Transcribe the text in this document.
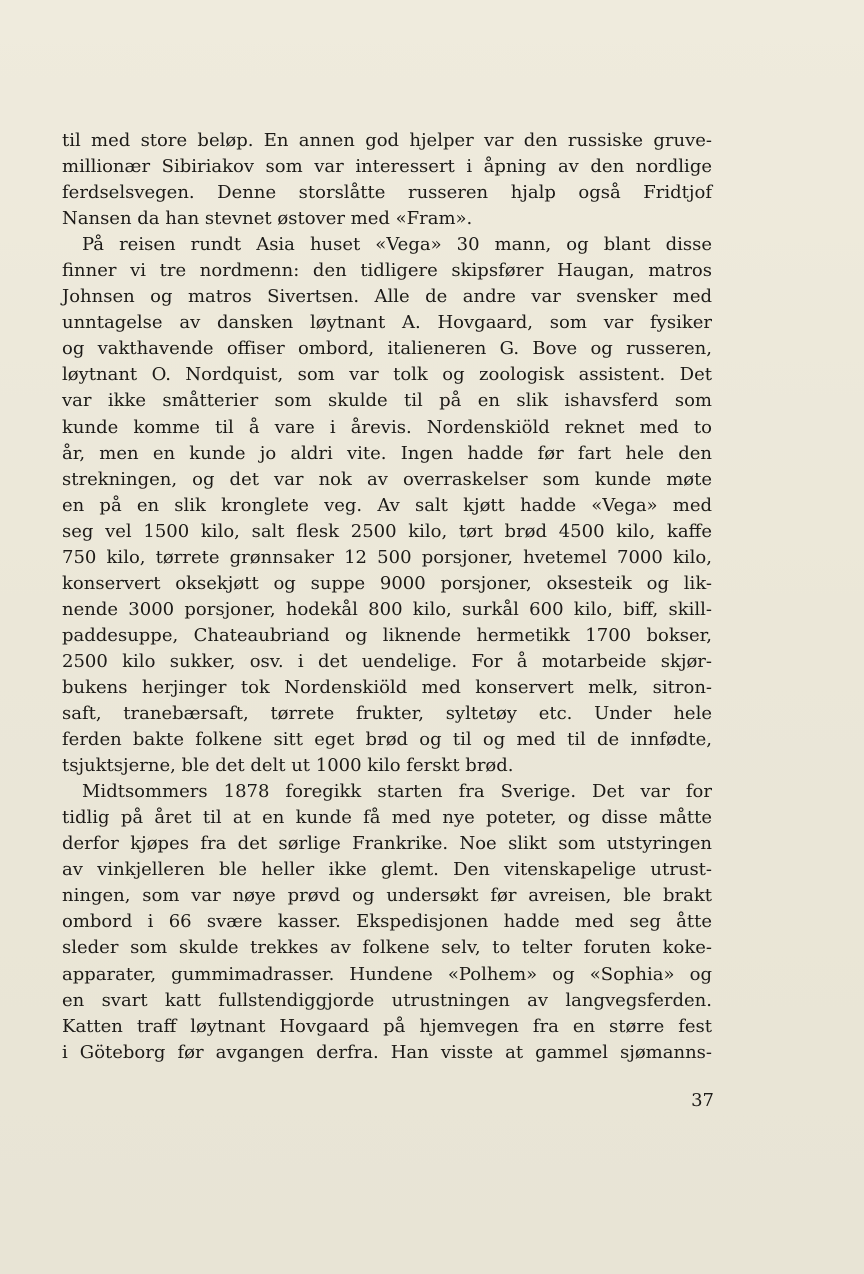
til med store beløp. En annen god hjelper var den russiske gruve-
millionær Sibiriakov som var interessert i åpning av den nordlige
ferdselsvegen. Denne storslåtte russeren hjalp også Fridtjof
Nansen da han stevnet østover med «Fram».
På reisen rundt Asia huset «Vega» 30 mann, og blant disse
finner vi tre nordmenn: den tidligere skipsfører Haugan, matros
Johnsen og matros Sivertsen. Alle de andre var svensker med
unntagelse av dansken løytnant A. Hovgaard, som var fysiker
og vakthavende offiser ombord, italieneren G. Bove og russeren,
løytnant O. Nordquist, som var tolk og zoologisk assistent. Det
var ikke småtterier som skulde til på en slik ishavsferd som
kunde komme til å vare i årevis. Nordenskiöld reknet med to
år, men en kunde jo aldri vite. Ingen hadde før fart hele den
strekningen, og det var nok av overraskelser som kunde møte
en på en slik kronglete veg. Av salt kjøtt hadde «Vega» med
seg vel 1500 kilo, salt flesk 2500 kilo, tørt brød 4500 kilo, kaffe
750 kilo, tørrete grønnsaker 12 500 porsjoner, hvetemel 7000 kilo,
konservert oksekjøtt og suppe 9000 porsjoner, oksesteik og lik-
nende 3000 porsjoner, hodekål 800 kilo, surkål 600 kilo, biff, skill-
paddesuppe, Chateaubriand og liknende hermetikk 1700 bokser,
2500 kilo sukker, osv. i det uendelige. For å motarbeide skjør-
bukens herjinger tok Nordenskiöld med konservert melk, sitron-
saft, tranebærsaft, tørrete frukter, syltetøy etc. Under hele
ferden bakte folkene sitt eget brød og til og med til de innfødte,
tsjuktsjerne, ble det delt ut 1000 kilo ferskt brød.
Midtsommers 1878 foregikk starten fra Sverige. Det var for
tidlig på året til at en kunde få med nye poteter, og disse måtte
derfor kjøpes fra det sørlige Frankrike. Noe slikt som utstyringen
av vinkjelleren ble heller ikke glemt. Den vitenskapelige utrust-
ningen, som var nøye prøvd og undersøkt før avreisen, ble brakt
ombord i 66 svære kasser. Ekspedisjonen hadde med seg åtte
sleder som skulde trekkes av folkene selv, to telter foruten koke-
apparater, gummimadrasser. Hundene «Polhem» og «Sophia» og
en svart katt fullstendiggjorde utrustningen av langvegsferden.
Katten traff løytnant Hovgaard på hjemvegen fra en større fest
i Göteborg før avgangen derfra. Han visste at gammel sjømanns-
37
